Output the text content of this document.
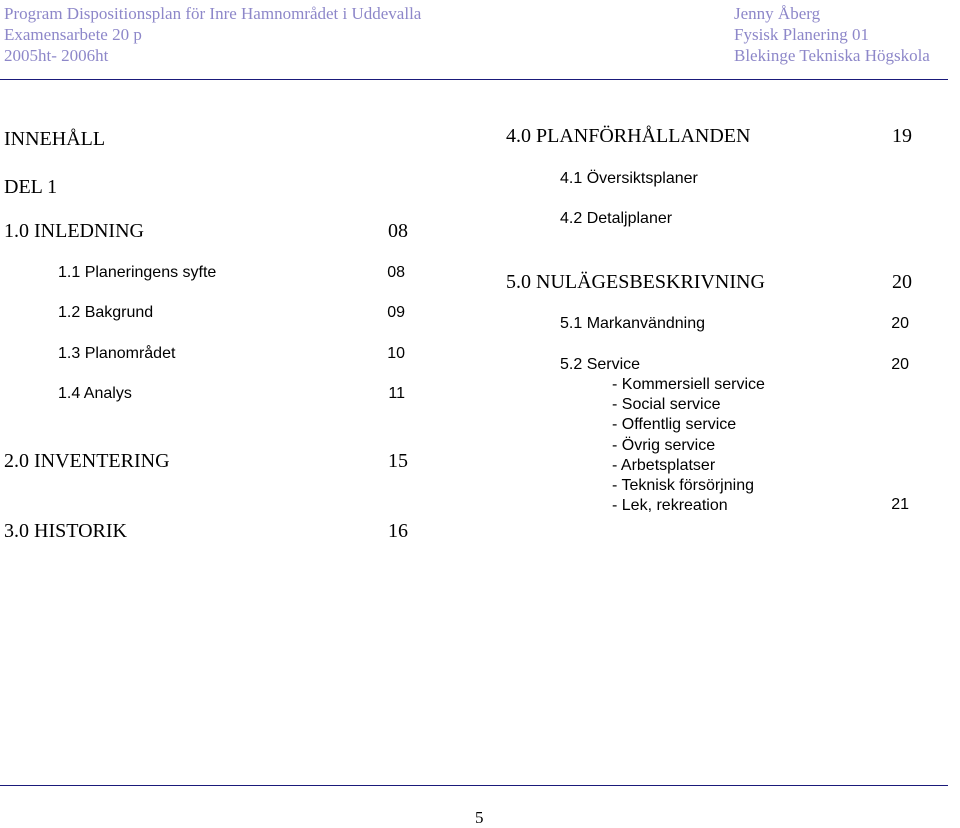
Program Dispositionsplan för Inre Hamnområdet i Uddevalla
Examensarbete 20 p
2005ht- 2006ht
Jenny Åberg
Fysisk Planering 01
Blekinge Tekniska Högskola
INNEHÅLL
DEL 1
1.0 INLEDNING	08
1.1 Planeringens syfte	08
1.2 Bakgrund	09
1.3 Planområdet	10
1.4 Analys	11
2.0 INVENTERING	15
3.0 HISTORIK	16
4.0 PLANFÖRHÅLLANDEN	19
4.1 Översiktsplaner
4.2 Detaljplaner
5.0 NULÄGESBESKRIVNING	20
5.1 Markanvändning	20
5.2 Service	20
- Kommersiell service
- Social service
- Offentlig service
- Övrig service
- Arbetsplatser
- Teknisk försörjning
- Lek, rekreation	21
5
